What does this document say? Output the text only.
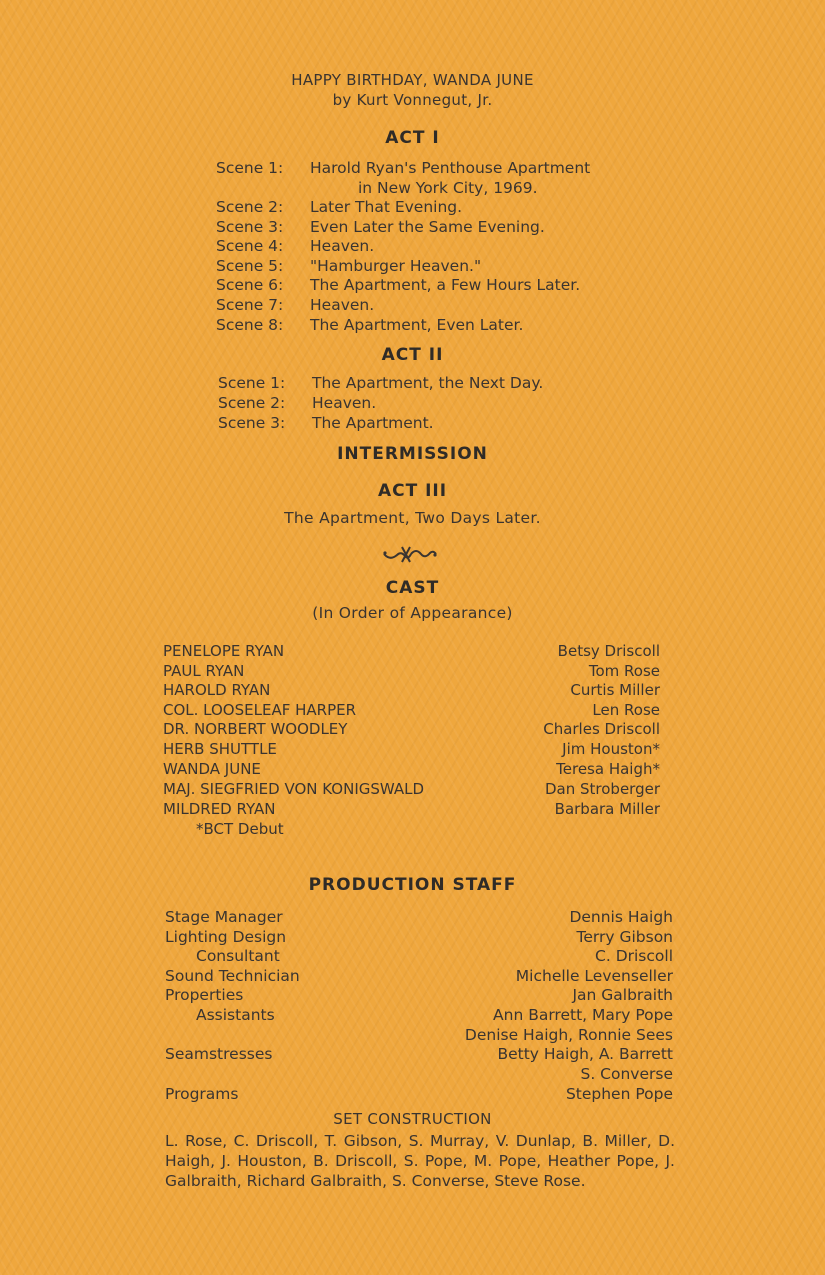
HAPPY BIRTHDAY, WANDA JUNE
by Kurt Vonnegut, Jr.
ACT I
Scene 1: Harold Ryan's Penthouse Apartment
in New York City, 1969.
Scene 2: Later That Evening.
Scene 3: Even Later the Same Evening.
Scene 4: Heaven.
Scene 5: "Hamburger Heaven."
Scene 6: The Apartment, a Few Hours Later.
Scene 7: Heaven.
Scene 8: The Apartment, Even Later.
ACT II
Scene 1: The Apartment, the Next Day.
Scene 2: Heaven.
Scene 3: The Apartment.
INTERMISSION
ACT III
The Apartment, Two Days Later.
CAST
(In Order of Appearance)
PENELOPE RYAN	Betsy Driscoll
PAUL RYAN	Tom Rose
HAROLD RYAN	Curtis Miller
COL. LOOSELEAF HARPER	Len Rose
DR. NORBERT WOODLEY	Charles Driscoll
HERB SHUTTLE	Jim Houston*
WANDA JUNE	Teresa Haigh*
MAJ. SIEGFRIED VON KONIGSWALD	Dan Stroberger
MILDRED RYAN	Barbara Miller
*BCT Debut
PRODUCTION STAFF
Stage Manager	Dennis Haigh
Lighting Design	Terry Gibson
Consultant	C. Driscoll
Sound Technician	Michelle Levenseller
Properties	Jan Galbraith
Assistants	Ann Barrett, Mary Pope
Denise Haigh, Ronnie Sees
Seamstresses	Betty Haigh, A. Barrett
S. Converse
Programs	Stephen Pope
SET CONSTRUCTION
L. Rose, C. Driscoll, T. Gibson, S. Murray, V. Dunlap, B. Miller, D. Haigh, J. Houston, B. Driscoll, S. Pope, M. Pope, Heather Pope, J. Galbraith, Richard Galbraith, S. Converse, Steve Rose.
